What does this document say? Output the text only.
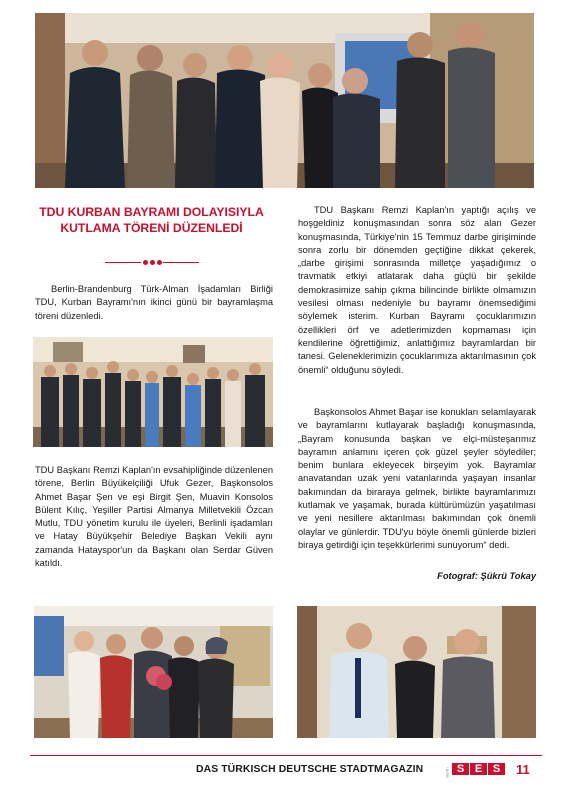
TDU KURBAN BAYRAMI DOLAYISIYLA
KUTLAMA TÖRENİ DÜZENLEDİ

Berlin-Brandenburg Türk-Alman İşadamları Birliği TDU, Kurban Bayramı'nın ikinci günü bir bayramlaşma töreni düzenledi.

TDU Başkanı Remzi Kaplan'ın evsahipliğinde düzenlenen törene, Berlin Büyükelçiliği Ufuk Gezer, Başkonsolos Ahmet Başar Şen ve eşi Birgit Şen, Muavin Konsolos Bülent Kılıç, Yeşiller Partisi Almanya Milletvekili Özcan Mutlu, TDU yönetim kurulu ile üyeleri, Berlinli işadamları ve Hatay Büyükşehir Belediye Başkan Vekili aynı zamanda Hatayspor'un da Başkanı olan Serdar Güven katıldı.

TDU Başkanı Remzi Kaplan'ın yaptığı açılış ve hoşgeldiniz konuşmasından sonra söz alan Gezer konuşmasında, Türkiye'nin 15 Temmuz darbe girişiminde sonra zorlu bir dönemden geçtiğine dikkat çekerek, „darbe girişimi sonrasında milletçe yaşadığımız o travmatik etkiyi atlatarak daha güçlü bir şekilde demokrasimize sahip çıkma bilincinde birlikte olmamızın vesilesi olması nedeniyle bu bayramı önemsediğimi söylemek isterim. Kurban Bayramı çocuklarımızın özellikleri örf ve adetlerimizden kopmaması için kendilerine öğrettiğimiz, anlattığımız bayramlardan bir tanesi. Geleneklerimizin çocuklarımıza aktarılmasının çok önemli“ olduğunu söyledi.

Başkonsolos Ahmet Başar ise konukları selamlayarak ve bayramlarını kutlayarak başladığı konuşmasında, „Bayram konusunda başkan ve elçi-müsteşarımız bayramın anlamını içeren çok güzel şeyler söylediler; benim bunlara ekleyecek birşeyim yok. Bayramlar anavatandan uzak yeni vatanlarında yaşayan insanlar bakımından da biraraya gelmek, birlikte bayramlarımızı kutlamak ve yaşamak, burada kültürümüzün yaşatılması ve yeni nesillere aktarılması bakımından çok önemli olaylar ve günlerdir. TDU'yu böyle önemli günlerde bizleri biraya getirdiği için teşekkürlerimi sunuyorum“ dedi.

Fotograf: Şükrü Tokay

DAS TÜRKISCH DEUTSCHE STADTMAGAZIN	Berlin S E S	11
